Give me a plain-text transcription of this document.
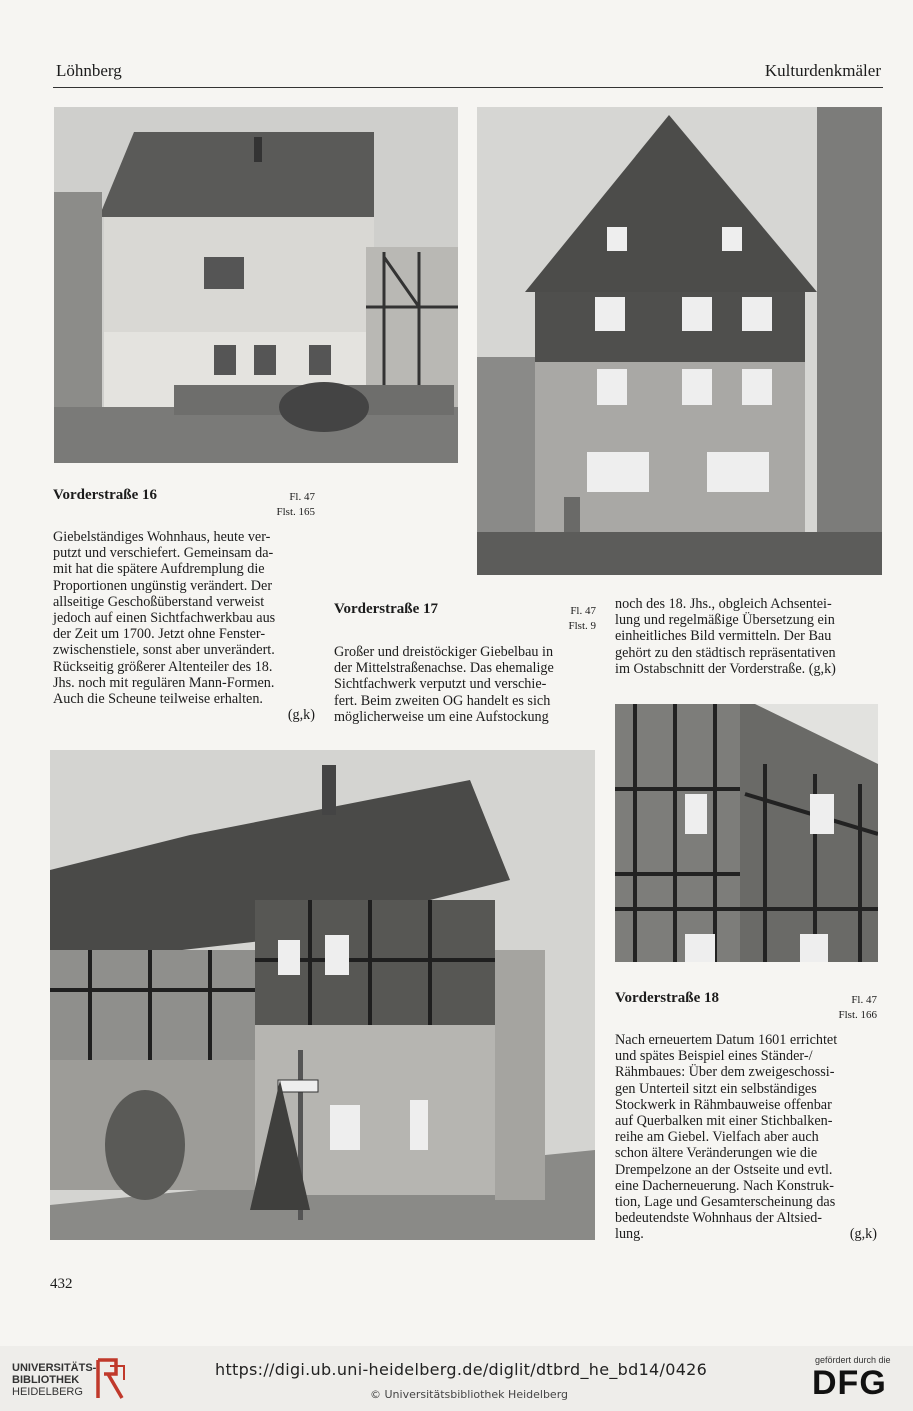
Löhnberg	Kulturdenkmäler
Vorderstraße 16	Fl. 47
Flst. 165

Giebelständiges Wohnhaus, heute ver-

putzt und verschiefert. Gemeinsam da-

mit hat die spätere Aufdremplung die

Proportionen ungünstig verändert. Der

allseitige Geschoßüberstand verweist

jedoch auf einen Sichtfachwerkbau aus

der Zeit um 1700. Jetzt ohne Fenster-

zwischenstiele, sonst aber unverändert.

Rückseitig größerer Altenteiler des 18.

Jhs. noch mit regulären Mann-Formen.

Auch die Scheune teilweise erhalten.

(g,k)

Vorderstraße 17	Fl. 47
Flst. 9

Großer und dreistöckiger Giebelbau in

der Mittelstraßenachse. Das ehemalige

Sichtfachwerk verputzt und verschie-

fert. Beim zweiten OG handelt es sich

möglicherweise um eine Aufstockung

noch des 18. Jhs., obgleich Achsentei-

lung und regelmäßige Übersetzung ein

einheitliches Bild vermitteln. Der Bau

gehört zu den städtisch repräsentativen

im Ostabschnitt der Vorderstraße. (g,k)

Vorderstraße 18	Fl. 47
Flst. 166

Nach erneuertem Datum 1601 errichtet

und spätes Beispiel eines Ständer-/

Rähmbaues: Über dem zweigeschossi-

gen Unterteil sitzt ein selbständiges

Stockwerk in Rähmbauweise offenbar

auf Querbalken mit einer Stichbalken-

reihe am Giebel. Vielfach aber auch

schon ältere Veränderungen wie die

Drempelzone an der Ostseite und evtl.

eine Dacherneuerung. Nach Konstruk-

tion, Lage und Gesamterscheinung das

bedeutendste Wohnhaus der Altsied-

lung.	(g,k)

432
UNIVERSITÄTS-
BIBLIOTHEK
HEIDELBERG
https://digi.ub.uni-heidelberg.de/diglit/dtbrd_he_bd14/0426
© Universitätsbibliothek Heidelberg
gefördert durch die
DFG
